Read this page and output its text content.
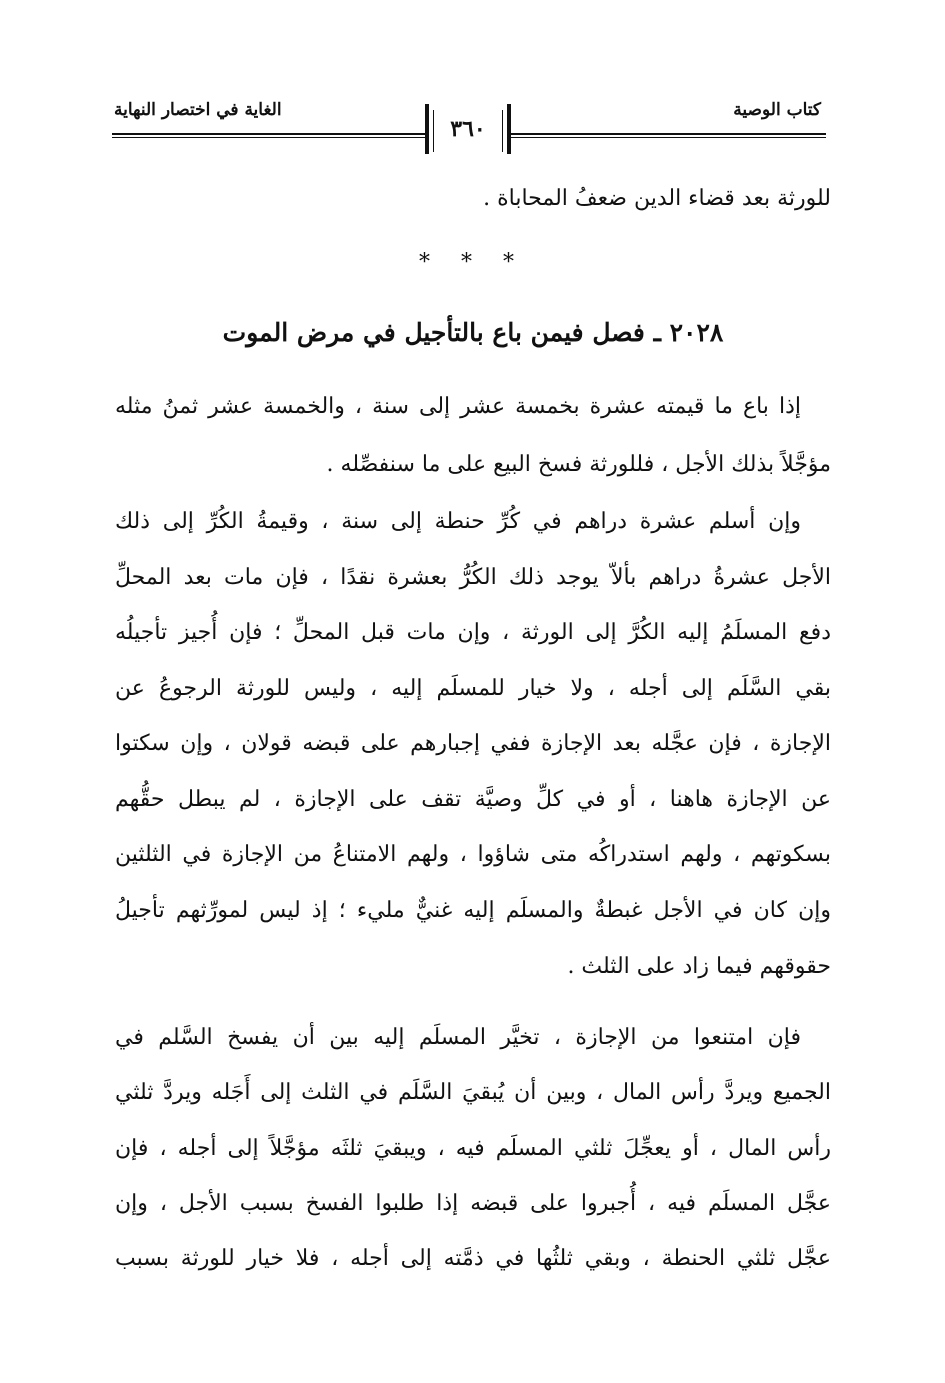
كتاب الوصية
الغاية في اختصار النهاية
٣٦٠
للورثة بعد قضاء الدين ضعفُ المحاباة .
* * *
٢٠٢٨ ـ فصل فيمن باع بالتأجيل في مرض الموت
إذا باع ما قيمته عشرة بخمسة عشر إلى سنة ، والخمسة عشر ثمنُ مثله
مؤجَّلاً بذلك الأجل ، فللورثة فسخ البيع على ما سنفصِّله .
وإن أسلم عشرة دراهم في كُرِّ حنطة إلى سنة ، وقيمةُ الكُرِّ إلى ذلك
الأجل عشرةُ دراهم بألاّ يوجد ذلك الكُرُّ بعشرة نقدًا ، فإن مات بعد المحلِّ
دفع المسلَمُ إليه الكُرَّ إلى الورثة ، وإن مات قبل المحلِّ ؛ فإن أُجيز تأجيلُه
بقي السَّلَم إلى أجله ، ولا خيار للمسلَم إليه ، وليس للورثة الرجوعُ عن
الإجازة ، فإن عجَّله بعد الإجازة ففي إجبارهم على قبضه قولان ، وإن سكتوا
عن الإجازة هاهنا ، أو في كلِّ وصيَّة تقف على الإجازة ، لم يبطل حقُّهم
بسكوتهم ، ولهم استدراكُه متى شاؤوا ، ولهم الامتناعُ من الإجازة في الثلثين
وإن كان في الأجل غبطةٌ والمسلَم إليه غنيٌّ مليء ؛ إذ ليس لمورِّثهم تأجيلُ
حقوقهم فيما زاد على الثلث .
فإن امتنعوا من الإجازة ، تخيَّر المسلَم إليه بين أن يفسخ السَّلم في
الجميع ويردَّ رأس المال ، وبين أن يُبقيَ السَّلَم في الثلث إلى أَجَله ويردَّ ثلثي
رأس المال ، أو يعجِّلَ ثلثي المسلَم فيه ، ويبقيَ ثلثَه مؤجَّلاً إلى أجله ، فإن
عجَّل المسلَم فيه ، أُجبروا على قبضه إذا طلبوا الفسخ بسبب الأجل ، وإن
عجَّل ثلثي الحنطة ، وبقي ثلثُها في ذمَّته إلى أجله ، فلا خيار للورثة بسبب
